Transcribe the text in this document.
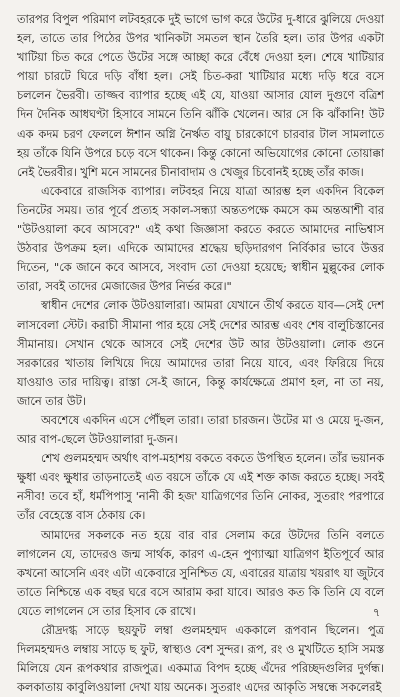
তারপর বিপুল পরিমাণ লটবহরকে দুই ভাগে ভাগ করে উটের দু-ধারে ঝুলিয়ে দেওয়া হল, তাতে তার পিঠের উপর খানিকটা সমতল স্থান তৈরি হল। তার উপর একটা খাটিয়া চিত করে পেতে উটের সঙ্গে আচ্ছা করে বেঁধে দেওয়া হল। শেষে খাটিয়ার পায়া চারটে ঘিরে দড়ি বাঁধা হল। সেই চিত-করা খাটিয়ার মধ্যে দড়ি ধরে বসে চললেন ভৈরবী। তাজ্জব ব্যাপার হচ্ছে এই যে, যাওয়া আসার যোল দুগুণে বত্রিশ দিন দৈনিক আধঘণ্টা হিসাবে সামনে তিনি ঝাঁকি খেলেন। আর সে কি ঝাঁকানি! উট এক কদম চরণ ফেললে ঈশান অগ্নি নৈর্ঋত বায়ু চারকোণে চারবার টাল সামলাতে হয় তাঁকে যিনি উপরে চড়ে বসে থাকেন। কিন্তু কোনো অভিযোগের কোনো তোয়াক্কা নেই ভৈরবীর। খুশি মনে সামনের চীনাবাদাম ও খেজুর চিবোনই হচ্ছে তাঁর কাজ।

একেবারে রাজসিক ব্যাপার। লটবহর নিয়ে যাত্রা আরম্ভ হল একদিন বিকেল তিনটের সময়। তার পূর্বে প্রত্যহ সকাল-সন্ধ্যা অন্ততপক্ষে কমসে কম অন্তআশী বার "উটওয়ালা কবে আসবে?" এই কথা জিজ্ঞাসা করতে করতে আমাদের নাভিশ্বাস উঠবার উপক্রম হল। এদিকে আমাদের শ্রদ্ধেয় ছড়িদারগণ নির্বিকার ভাবে উত্তর দিতেন, "কে জানে কবে আসবে, সংবাদ তো দেওয়া হয়েছে; স্বাধীন মুল্লুকের লোক তারা, সবই তাদের মেজাজের উপর নির্ভর করে।"

স্বাধীন দেশের লোক উটওয়ালারা। আমরা যেখানে তীর্থ করতে যাব—সেই দেশ লাসবেলা স্টেট। করাচী সীমানা পার হয়ে সেই দেশের আরম্ভ এবং শেষ বালুচিস্তানের সীমানায়। সেখান থেকে আসবে সেই দেশের উট আর উটওয়ালা। লোক গুনে সরকারের খাতায় লিখিয়ে দিয়ে আমাদের তারা নিয়ে যাবে, এবং ফিরিয়ে দিয়ে যাওয়াও তার দায়িত্ব। রাস্তা সে-ই জানে, কিন্তু কার্যক্ষেত্রে প্রমাণ হল, না তা নয়, জানে তার উট।

অবশেষে একদিন এসে পৌঁছল তারা। তারা চারজন। উটের মা ও মেয়ে দু-জন, আর বাপ-ছেলে উটওয়ালারা দু-জন।

শেখ গুলমহম্মদ অর্থাৎ বাপ-মহাশয় বকতে বকতে উপস্থিত হলেন। তাঁর ভয়ানক ক্ষুধা এবং ক্ষুধার তাড়নাতেই এত বয়সে তাঁকে যে এই শক্ত কাজ করতে হচ্ছে। সবই নসীব! তবে হাঁ, ধর্মপিপাসু 'নানী কী হজ' যাত্রিগণের তিনি নোকর, সুতরাং পরপারে তাঁর বেহেস্তে বাস ঠেকায় কে।

আমাদের সকলকে নত হয়ে বার বার সেলাম করে উটদের তিনি বলতে লাগলেন যে, তাদেরও জন্ম সার্থক, কারণ এ-হেন পুণ্যাত্মা যাত্রিগণ ইতিপূর্বে আর কখনো আসেনি এবং এটা একেবারে সুনিশ্চিত যে, এবারের যাত্রায় খয়রাৎ যা জুটবে তাতে নিশ্চিন্তে এক বছর ঘরে বসে আরাম করা যাবে। আরও কত কি তিনি যে বলে যেতে লাগলেন সে তার হিসাব কে রাখে।

রৌদ্রদগ্ধ সাড়ে ছয়ফুট লম্বা গুলমহম্মদ এককালে রূপবান ছিলেন। পুত্র দিলমহম্মদও লম্বায় সাড়ে ছ ফুট, স্বাস্থ্যও বেশ সুন্দর। রূপ, রং ও মুখটিতে হাসি সমস্ত মিলিয়ে যেন রূপকথার রাজপুত্র। একমাত্র বিপদ হচ্ছে এঁদের পরিচ্ছদগুলির দুর্গন্ধ। কলকাতায় কাবুলিওয়ালা দেখা যায় অনেক। সুতরাং এদের আকৃতি সম্বন্ধে সকলেরই

৭
